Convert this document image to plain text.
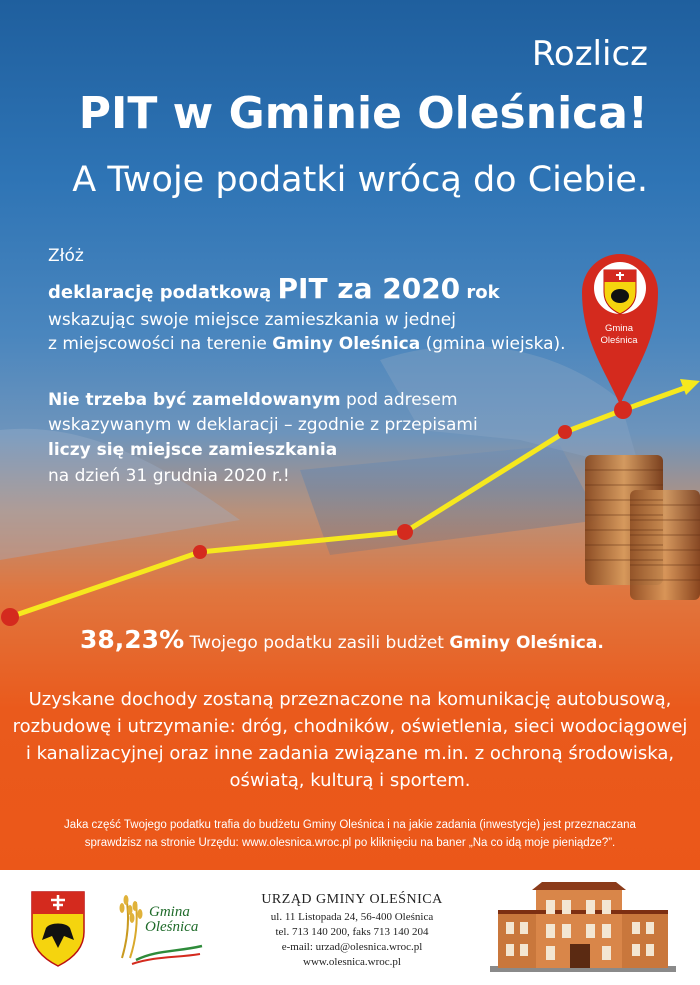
Gmina
Oleśnica
Rozlicz
PIT w Gminie Oleśnica!
A Twoje podatki wrócą do Ciebie.
Złóż
deklarację podatkową PIT za 2020 rok
wskazując swoje miejsce zamieszkania w jednej
z miejscowości na terenie Gminy Oleśnica (gmina wiejska).
Nie trzeba być zameldowanym pod adresem
wskazywanym w deklaracji – zgodnie z przepisami
liczy się miejsce zamieszkania
na dzień 31 grudnia 2020 r.!
38,23% Twojego podatku zasili budżet Gminy Oleśnica.
Uzyskane dochody zostaną przeznaczone na komunikację autobusową,
rozbudowę i utrzymanie: dróg, chodników, oświetlenia, sieci wodociągowej
i kanalizacyjnej oraz inne zadania związane m.in. z ochroną środowiska,
oświatą, kulturą i sportem.
Jaka część Twojego podatku trafia do budżetu Gminy Oleśnica i na jakie zadania (inwestycje) jest przeznaczana
sprawdzisz na stronie Urzędu: www.olesnica.wroc.pl po kliknięciu na baner „Na co idą moje pieniądze?”.
Gmina
Oleśnica
URZĄD GMINY OLEŚNICA
ul. 11 Listopada 24, 56-400 Oleśnica
tel. 713 140 200, faks 713 140 204
e-mail: urzad@olesnica.wroc.pl
www.olesnica.wroc.pl
